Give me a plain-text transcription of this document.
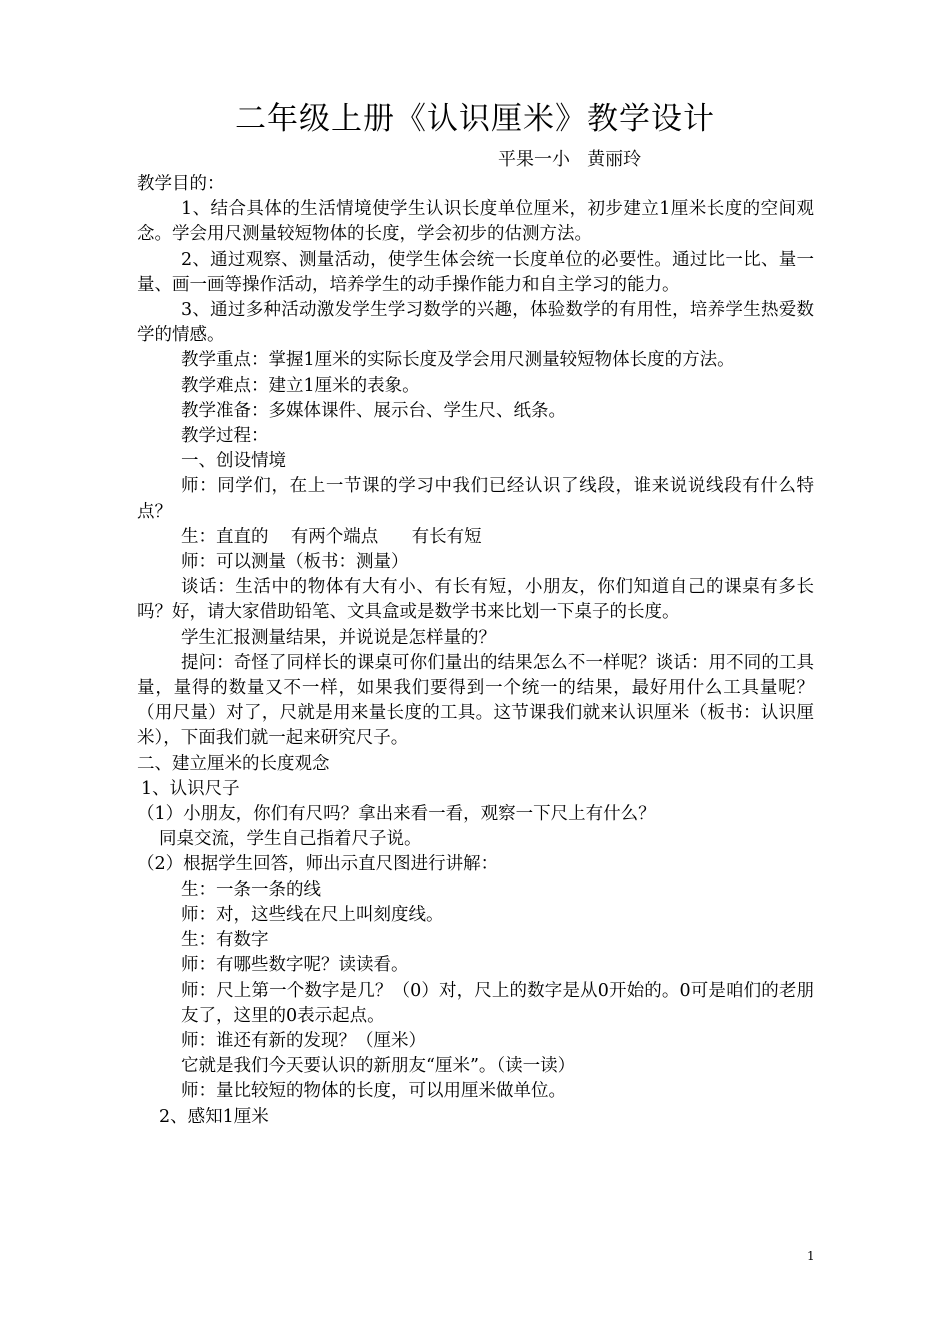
二年级上册《认识厘米》教学设计
平果一小   黄丽玲

教学目的：

1、结合具体的生活情境使学生认识长度单位厘米，初步建立1厘米长度的空间观念。学会用尺测量较短物体的长度，学会初步的估测方法。

2、通过观察、测量活动，使学生体会统一长度单位的必要性。通过比一比、量一量、画一画等操作活动，培养学生的动手操作能力和自主学习的能力。

3、通过多种活动激发学生学习数学的兴趣，体验数学的有用性，培养学生热爱数学的情感。

教学重点：掌握1厘米的实际长度及学会用尺测量较短物体长度的方法。

教学难点：建立1厘米的表象。

教学准备：多媒体课件、展示台、学生尺、纸条。

教学过程：

一、创设情境

师：同学们，在上一节课的学习中我们已经认识了线段，谁来说说线段有什么特点？

生：直直的    有两个端点      有长有短

师：可以测量（板书：测量）

谈话：生活中的物体有大有小、有长有短，小朋友，你们知道自己的课桌有多长吗？好，请大家借助铅笔、文具盒或是数学书来比划一下桌子的长度。

学生汇报测量结果，并说说是怎样量的？

提问：奇怪了同样长的课桌可你们量出的结果怎么不一样呢？谈话：用不同的工具量，量得的数量又不一样，如果我们要得到一个统一的结果，最好用什么工具量呢？（用尺量）对了，尺就是用来量长度的工具。这节课我们就来认识厘米（板书：认识厘米），下面我们就一起来研究尺子。

二、建立厘米的长度观念

1、认识尺子

（1）小朋友，你们有尺吗？拿出来看一看，观察一下尺上有什么？

同桌交流，学生自己指着尺子说。

（2）根据学生回答，师出示直尺图进行讲解：

生：一条一条的线

师：对，这些线在尺上叫刻度线。

生：有数字

师：有哪些数字呢？读读看。

师：尺上第一个数字是几？（0）对，尺上的数字是从0开始的。0可是咱们的老朋友了，这里的0表示起点。

师：谁还有新的发现？（厘米）

它就是我们今天要认识的新朋友“厘米”。（读一读）

师：量比较短的物体的长度，可以用厘米做单位。

2、感知1厘米

1
